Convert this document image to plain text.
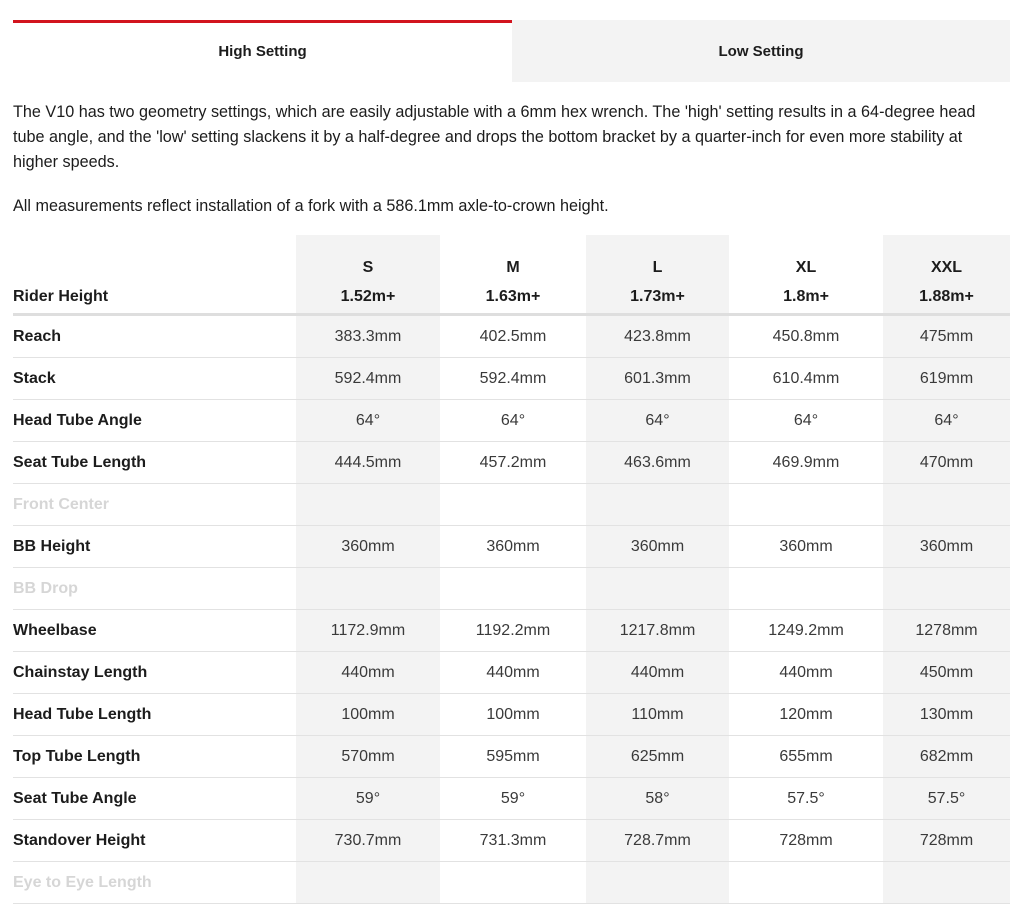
High Setting	Low Setting

The V10 has two geometry settings, which are easily adjustable with a 6mm hex wrench. The 'high' setting results in a 64-degree head tube angle, and the 'low' setting slackens it by a half-degree and drops the bottom bracket by a quarter-inch for even more stability at higher speeds.

All measurements reflect installation of a fork with a 586.1mm axle-to-crown height.

	S	M	L	XL	XXL
Rider Height	1.52m+	1.63m+	1.73m+	1.8m+	1.88m+
Reach	383.3mm	402.5mm	423.8mm	450.8mm	475mm
Stack	592.4mm	592.4mm	601.3mm	610.4mm	619mm
Head Tube Angle	64°	64°	64°	64°	64°
Seat Tube Length	444.5mm	457.2mm	463.6mm	469.9mm	470mm
Front Center					
BB Height	360mm	360mm	360mm	360mm	360mm
BB Drop					
Wheelbase	1172.9mm	1192.2mm	1217.8mm	1249.2mm	1278mm
Chainstay Length	440mm	440mm	440mm	440mm	450mm
Head Tube Length	100mm	100mm	110mm	120mm	130mm
Top Tube Length	570mm	595mm	625mm	655mm	682mm
Seat Tube Angle	59°	59°	58°	57.5°	57.5°
Standover Height	730.7mm	731.3mm	728.7mm	728mm	728mm
Eye to Eye Length					
